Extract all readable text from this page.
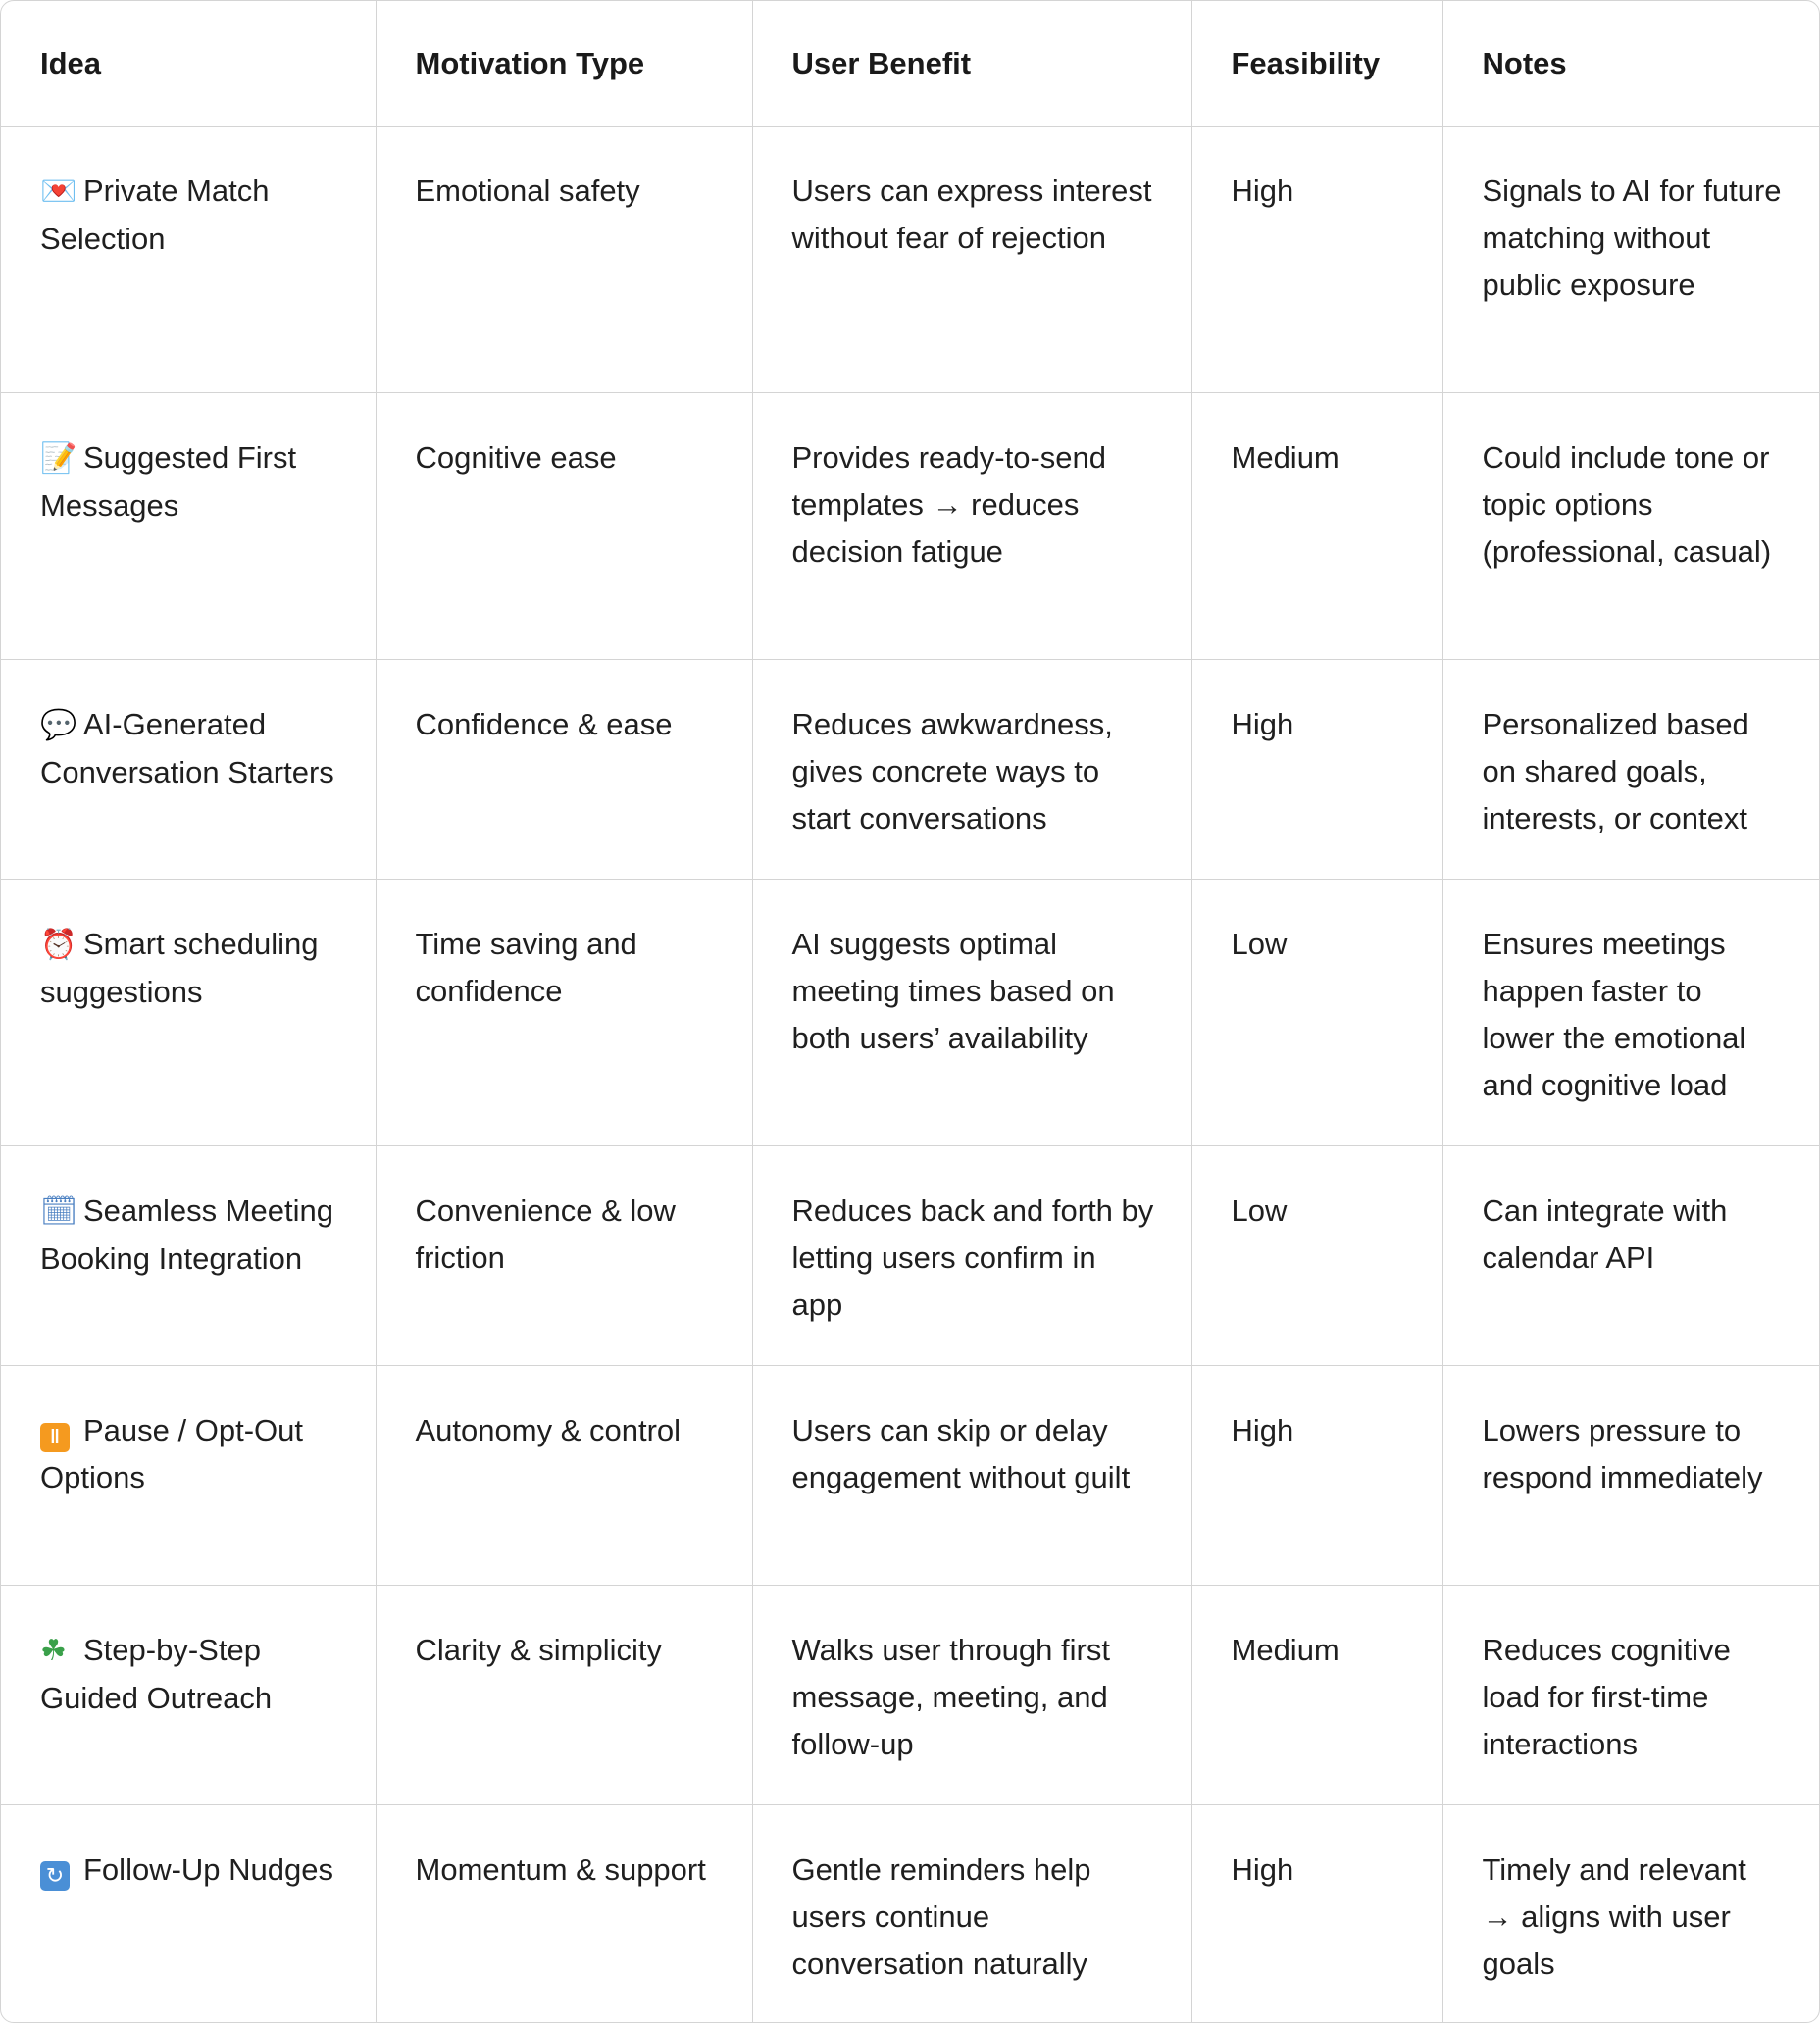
Idea	Motivation Type	User Benefit	Feasibility	Notes
💌 Private Match Selection	Emotional safety	Users can express interest without fear of rejection	High	Signals to AI for future matching without public exposure
📝 Suggested First Messages	Cognitive ease	Provides ready-to-send templates → reduces decision fatigue	Medium	Could include tone or topic options (professional, casual)
💬 AI-Generated Conversation Starters	Confidence & ease	Reduces awkwardness, gives concrete ways to start conversations	High	Personalized based on shared goals, interests, or context
⏰ Smart scheduling suggestions	Time saving and confidence	AI suggests optimal meeting times based on both users’ availability	Low	Ensures meetings happen faster to lower the emotional and cognitive load
🗓 Seamless Meeting Booking Integration	Convenience & low friction	Reduces back and forth by letting users confirm in app	Low	Can integrate with calendar API
‖ Pause / Opt-Out Options	Autonomy & control	Users can skip or delay engagement without guilt	High	Lowers pressure to respond immediately
☘ Step-by-Step Guided Outreach	Clarity & simplicity	Walks user through first message, meeting, and follow-up	Medium	Reduces cognitive load for first-time interactions
↻ Follow-Up Nudges	Momentum & support	Gentle reminders help users continue conversation naturally	High	Timely and relevant → aligns with user goals
